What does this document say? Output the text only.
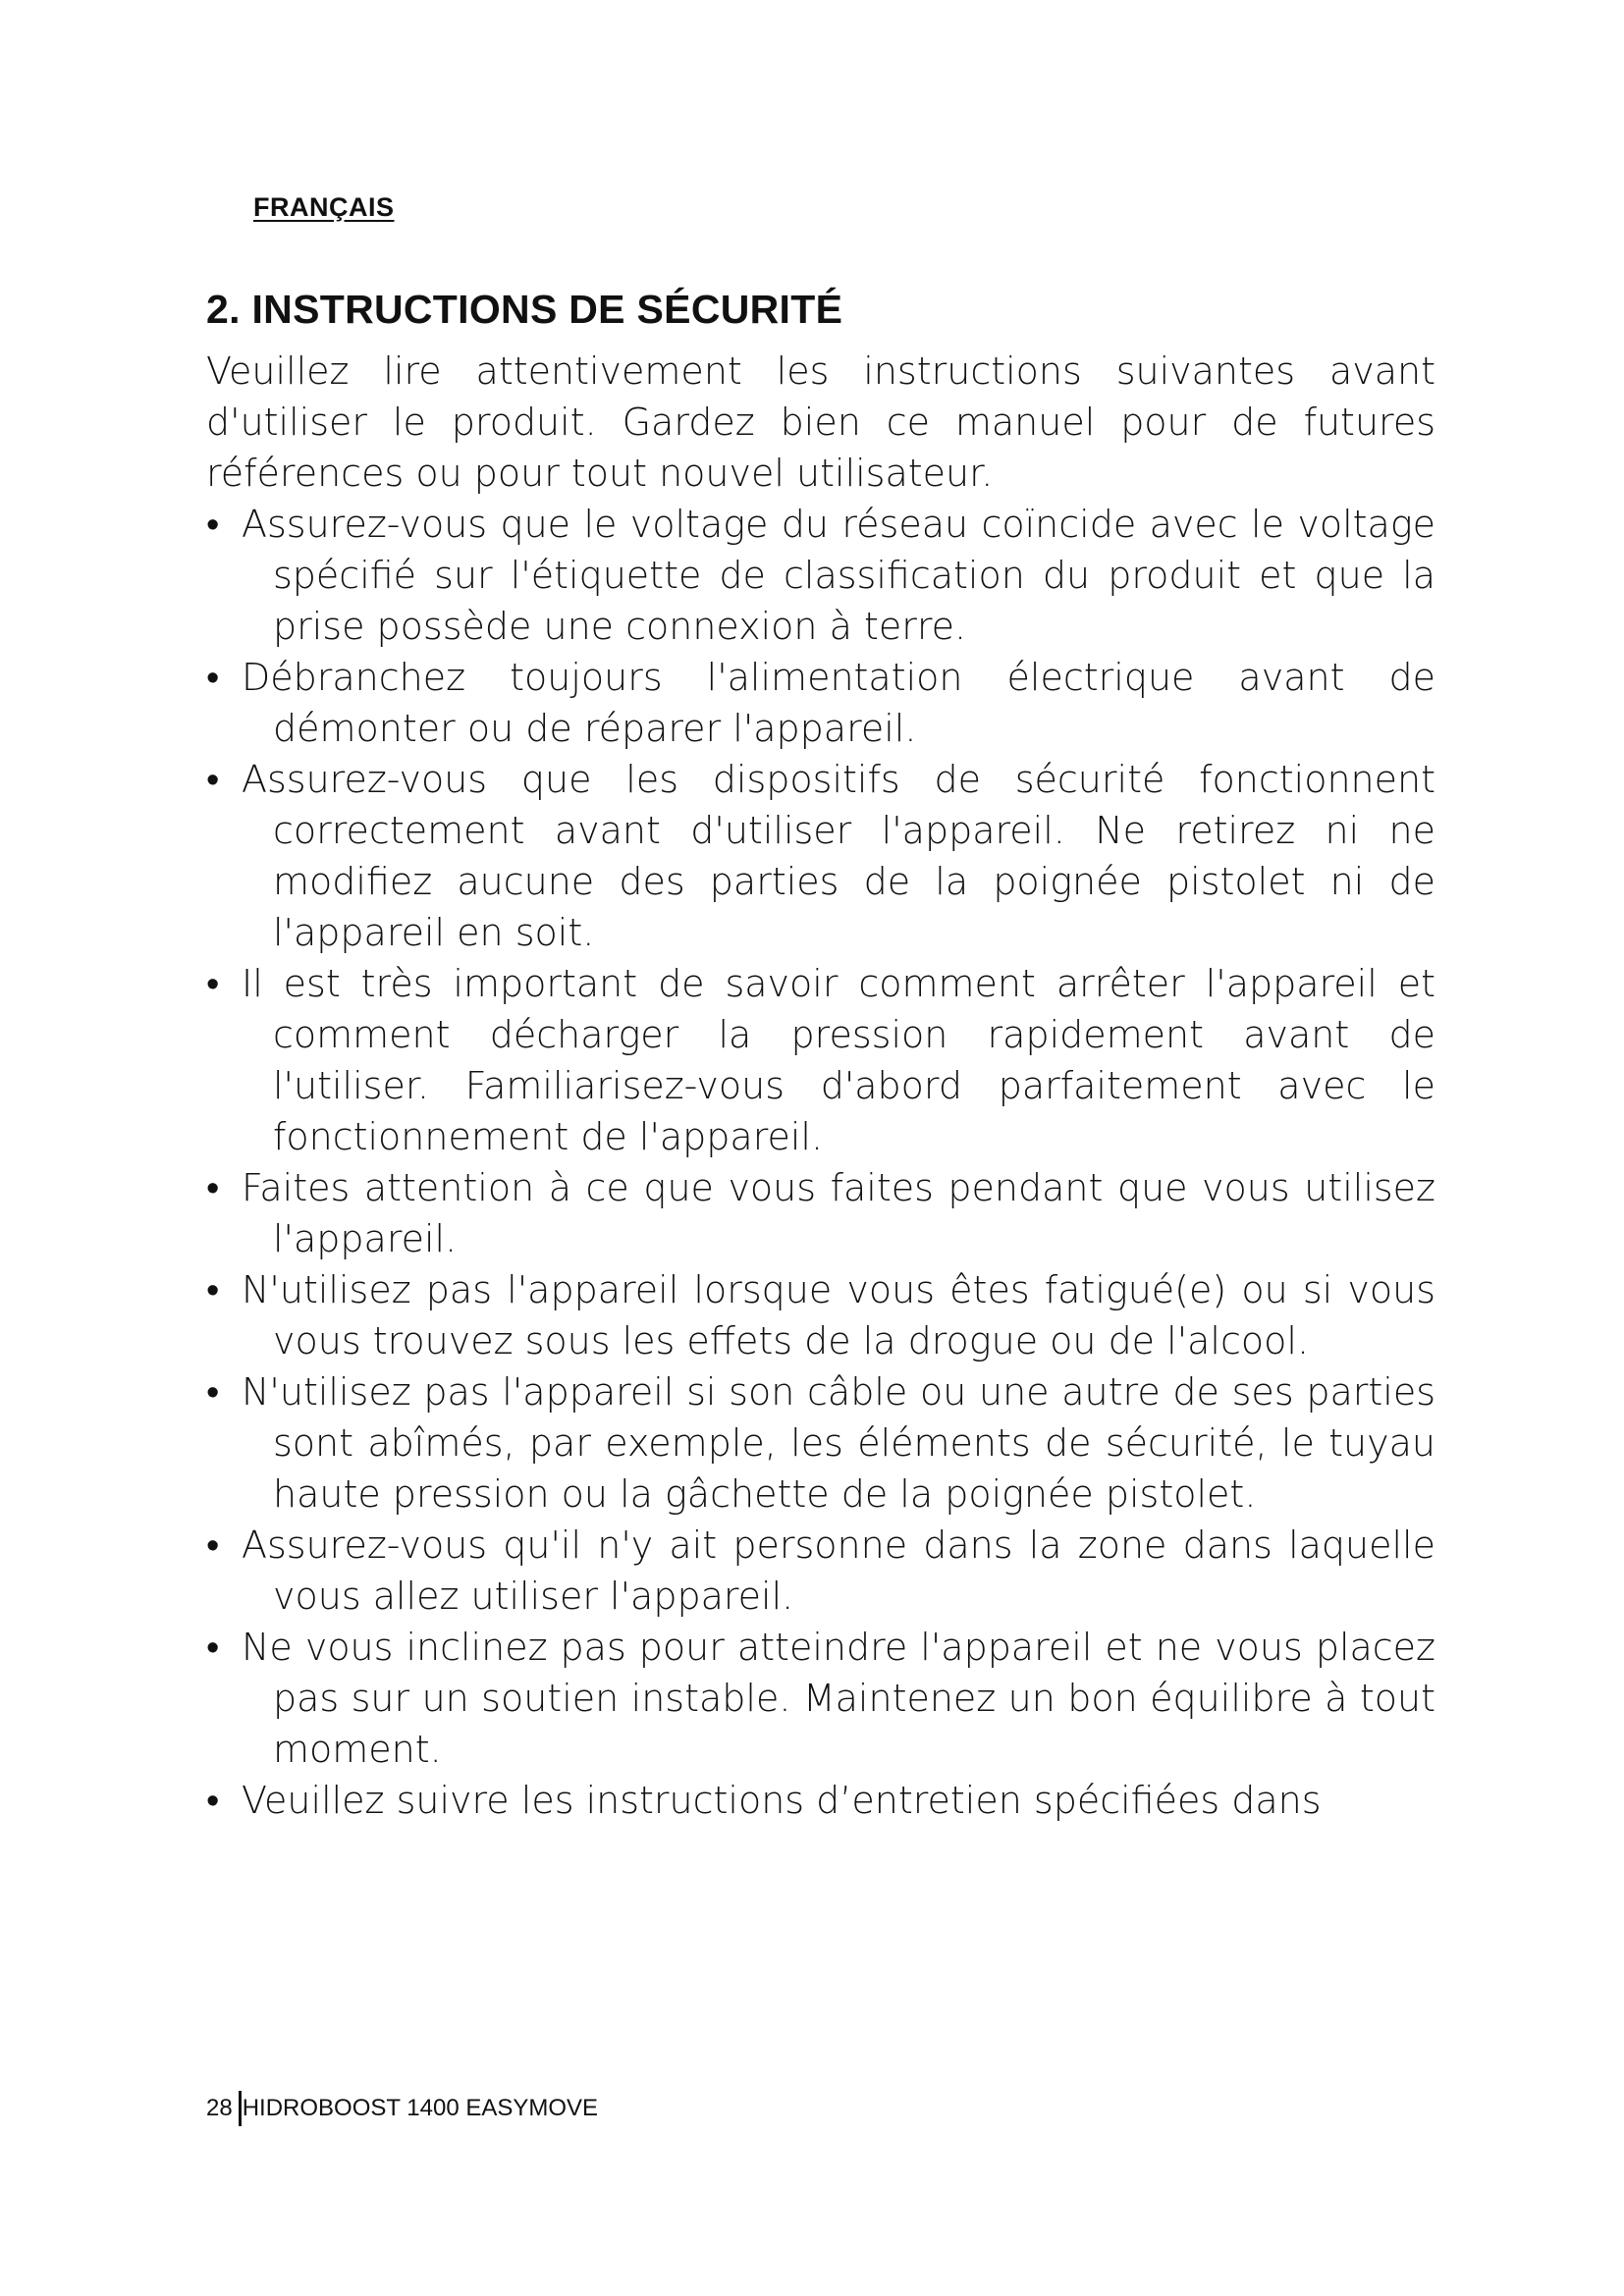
FRANÇAIS
2. INSTRUCTIONS DE SÉCURITÉ

Veuillez lire attentivement les instructions suivantes avant d'utiliser le produit. Gardez bien ce manuel pour de futures références ou pour tout nouvel utilisateur.

• Assurez-vous que le voltage du réseau coïncide avec le voltage spécifié sur l'étiquette de classification du produit et que la prise possède une connexion à terre.
• Débranchez toujours l'alimentation électrique avant de démonter ou de réparer l'appareil.
• Assurez-vous que les dispositifs de sécurité fonctionnent correctement avant d'utiliser l'appareil. Ne retirez ni ne modifiez aucune des parties de la poignée pistolet ni de l'appareil en soit.
• Il est très important de savoir comment arrêter l'appareil et comment décharger la pression rapidement avant de l'utiliser. Familiarisez-vous d'abord parfaitement avec le fonctionnement de l'appareil.
• Faites attention à ce que vous faites pendant que vous utilisez l'appareil.
• N'utilisez pas l'appareil lorsque vous êtes fatigué(e) ou si vous vous trouvez sous les effets de la drogue ou de l'alcool.
• N'utilisez pas l'appareil si son câble ou une autre de ses parties sont abîmés, par exemple, les éléments de sécurité, le tuyau haute pression ou la gâchette de la poignée pistolet.
• Assurez-vous qu'il n'y ait personne dans la zone dans laquelle vous allez utiliser l'appareil.
• Ne vous inclinez pas pour atteindre l'appareil et ne vous placez pas sur un soutien instable. Maintenez un bon équilibre à tout moment.
• Veuillez suivre les instructions d’entretien spécifiées dans
28 HIDROBOOST 1400 EASYMOVE
